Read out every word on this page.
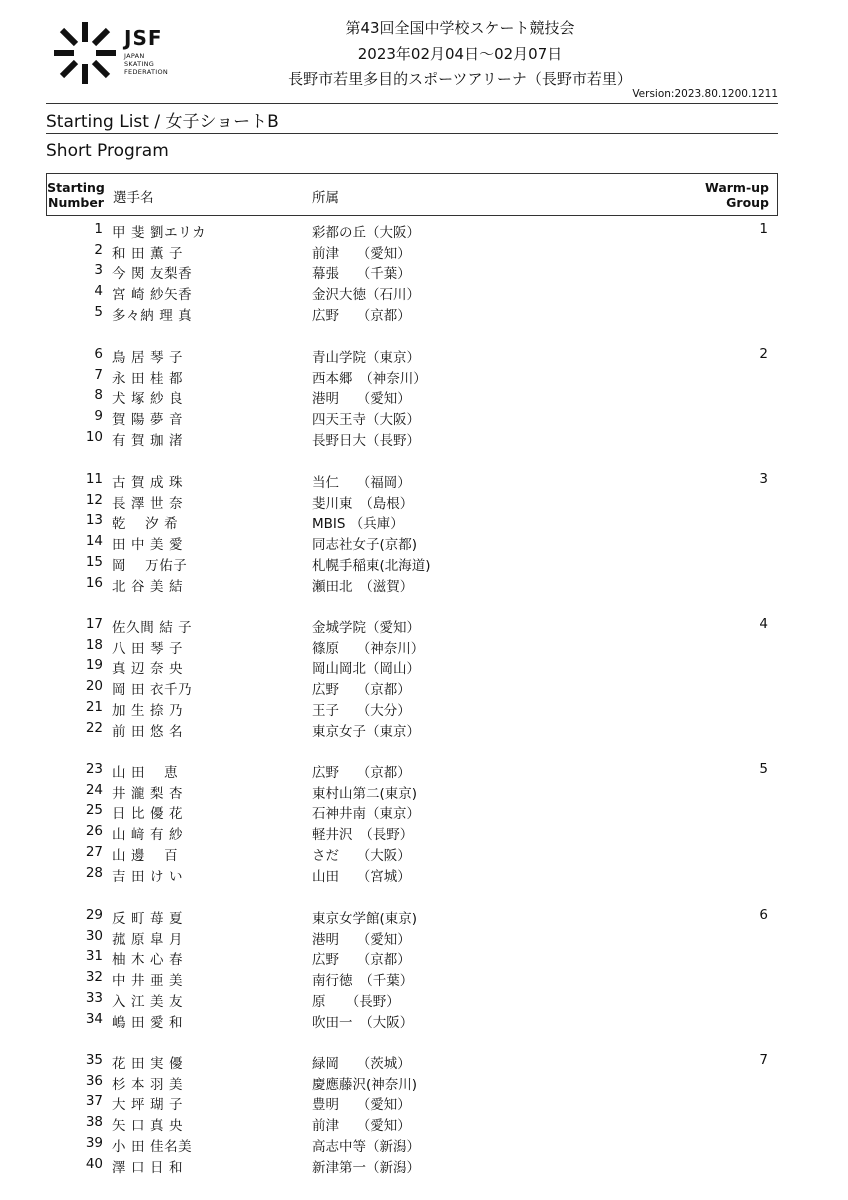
JSF
JAPAN
SKATING
FEDERATION
第43回全国中学校スケート競技会
2023年02月04日～02月07日
長野市若里多目的スポーツアリーナ（長野市若里）
Version:2023.80.1200.1211
Starting List / 女子ショートB
Short Program
Starting
Number 選手名	所属
Warm-up
Group
1 甲 斐 劉エリカ	彩都の丘（大阪）	1
2 和 田 薫 子	前津　 （愛知）
3 今 関 友梨香	幕張　 （千葉）
4 宮 崎 紗矢香	金沢大徳（石川）
5 多々納 理 真	広野　 （京都）
6 鳥 居 琴 子	青山学院（東京）	2
7 永 田 桂 都	西本郷　（神奈川）
8 犬 塚 紗 良	港明　 （愛知）
9 賀 陽 夢 音	四天王寺（大阪）
10 有 賀 珈 渚	長野日大（長野）
11 古 賀 成 珠	当仁　 （福岡）	3
12 長 澤 世 奈	斐川東　（島根）
13 乾　 汐 希	MBIS （兵庫）
14 田 中 美 愛	同志社女子(京都)
15 岡　 万佑子	札幌手稲東(北海道)
16 北 谷 美 結	瀬田北　（滋賀）
17 佐久間 結 子	金城学院（愛知）	4
18 八 田 琴 子	篠原　 （神奈川）
19 真 辺 奈 央	岡山岡北（岡山）
20 岡 田 衣千乃	広野　 （京都）
21 加 生 捺 乃	王子　 （大分）
22 前 田 悠 名	東京女子（東京）
23 山 田　 恵	広野　 （京都）	5
24 井 瀧 梨 杏	東村山第二(東京)
25 日 比 優 花	石神井南（東京）
26 山 﨑 有 紗	軽井沢　（長野）
27 山 邊　 百	さだ　 （大阪）
28 吉 田 け い	山田　 （宮城）
29 反 町 苺 夏	東京女学館(東京)	6
30 菰 原 皐 月	港明　 （愛知）
31 柚 木 心 春	広野　 （京都）
32 中 井 亜 美	南行徳　（千葉）
33 入 江 美 友	原　　（長野）
34 嶋 田 愛 和	吹田一　（大阪）
35 花 田 実 優	緑岡　 （茨城）	7
36 杉 本 羽 美	慶應藤沢(神奈川)
37 大 坪 瑚 子	豊明　 （愛知）
38 矢 口 真 央	前津　 （愛知）
39 小 田 佳名美	高志中等（新潟）
40 澤 口 日 和	新津第一（新潟）
